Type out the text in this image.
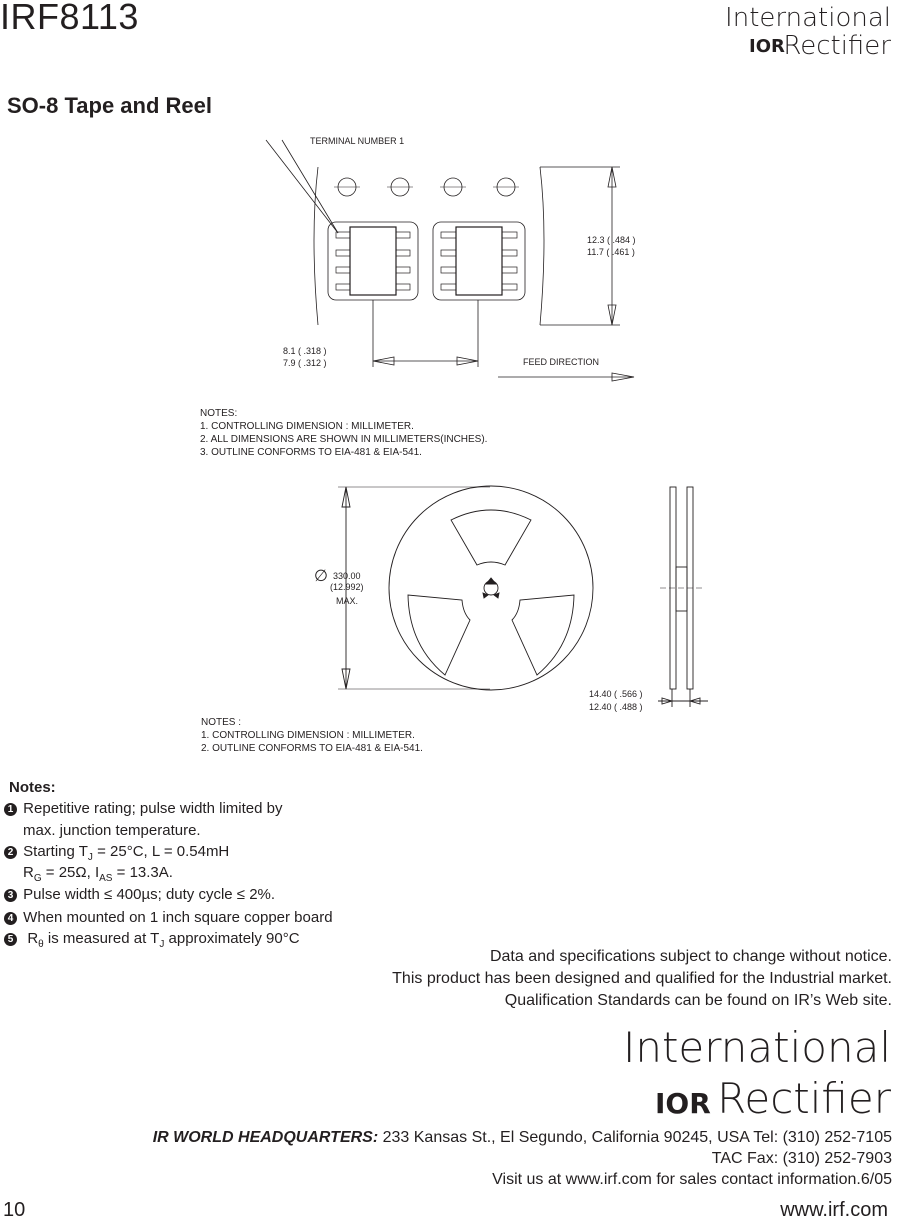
IRF8113	International
IOR
Rectifier
SO-8 Tape and Reel
TERMINAL NUMBER 1
12.3 ( .484 )
11.7 ( .461 )
8.1 ( .318 )
7.9 ( .312 )	FEED DIRECTION
NOTES:
1. CONTROLLING DIMENSION : MILLIMETER.
2. ALL DIMENSIONS ARE SHOWN IN MILLIMETERS(INCHES).
3. OUTLINE CONFORMS TO EIA-481 & EIA-541.
∅ 330.00
(12.992)
MAX.
14.40 ( .566 )
12.40 ( .488 )
NOTES :
1. CONTROLLING DIMENSION : MILLIMETER.
2. OUTLINE CONFORMS TO EIA-481 & EIA-541.
Notes:
1 Repetitive rating; pulse width limited by
max. junction temperature.
2 Starting $T_J = 25^\circ C$, L = 0.54mH
$R_G = 25\Omega$, $I_{AS} = 13.3A$.
3 Pulse width ≤ 400µs; duty cycle ≤ 2%.
4 When mounted on 1 inch square copper board
5  $R_\theta$ is measured at $T_J$ approximately 90°C
Data and specifications subject to change without notice.
This product has been designed and qualified for the Industrial market.
Qualification Standards can be found on IR’s Web site.
International
IOR Rectifier
IR WORLD HEADQUARTERS: 233 Kansas St., El Segundo, California 90245, USA Tel: (310) 252-7105
TAC Fax: (310) 252-7903
Visit us at www.irf.com for sales contact information.6/05
10	www.irf.com
